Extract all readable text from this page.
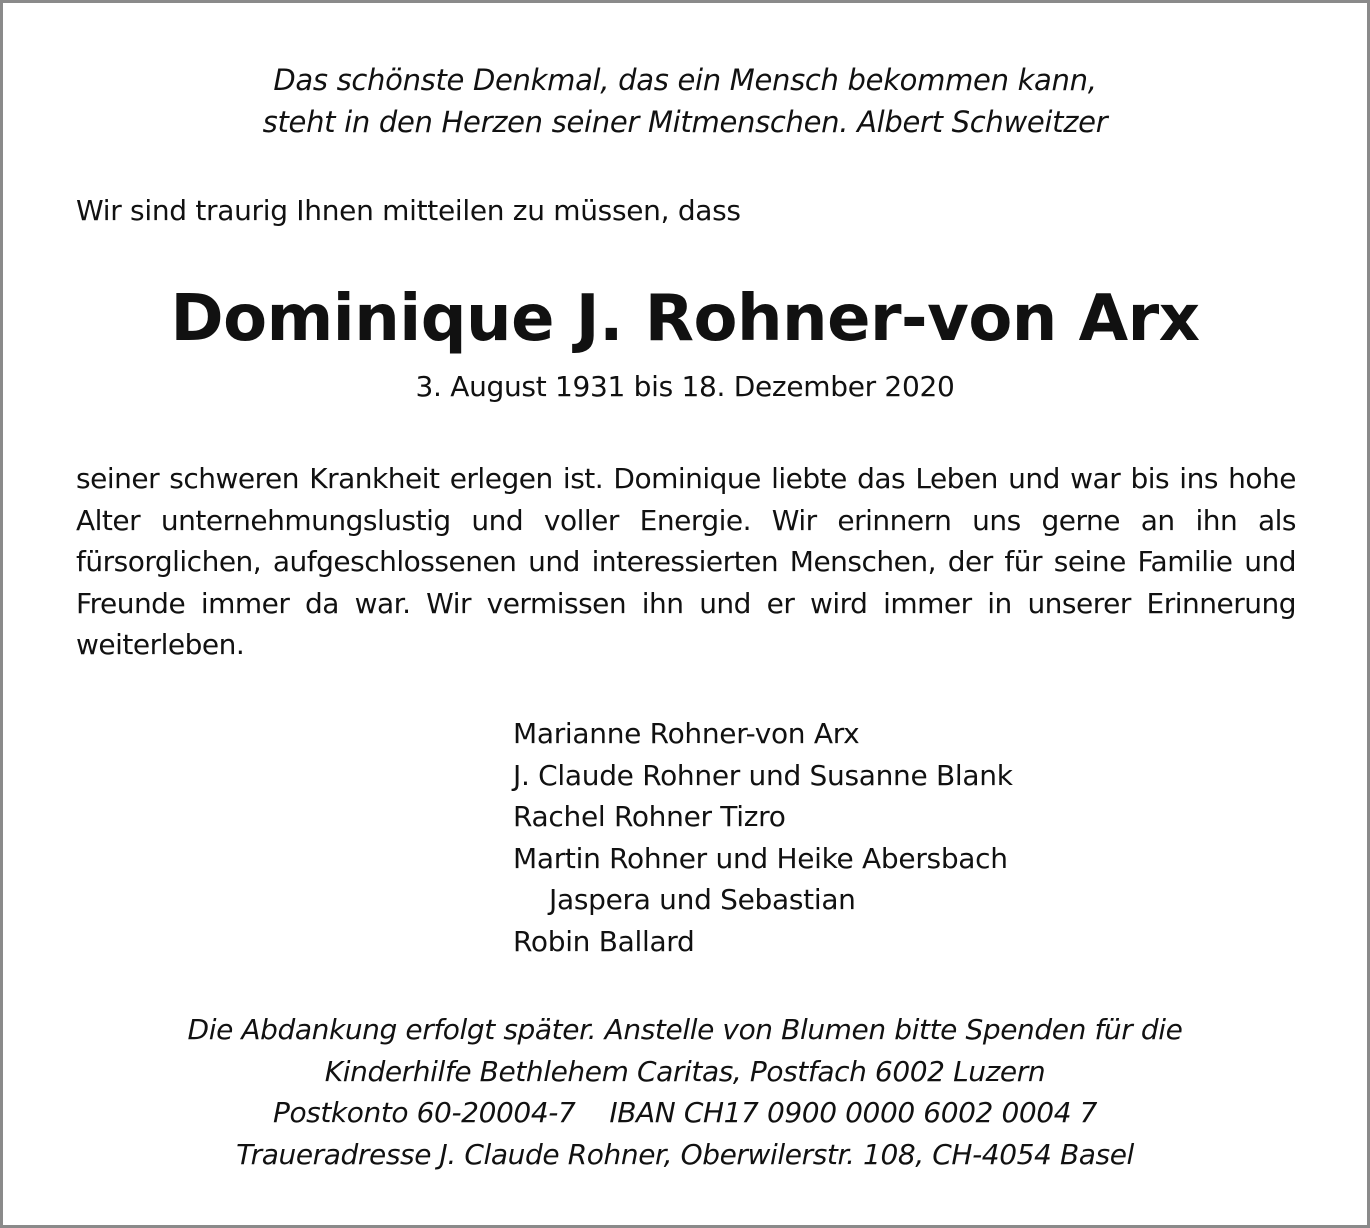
Das schönste Denkmal, das ein Mensch bekommen kann,
steht in den Herzen seiner Mitmenschen. Albert Schweitzer
Wir sind traurig Ihnen mitteilen zu müssen, dass
Dominique J. Rohner-von Arx
3. August 1931 bis 18. Dezember 2020
seiner schweren Krankheit erlegen ist. Dominique liebte das Leben und war bis ins hohe Alter unternehmungslustig und voller Energie. Wir erinnern uns gerne an ihn als fürsorglichen, aufgeschlossenen und interessierten Menschen, der für seine Familie und Freunde immer da war. Wir vermissen ihn und er wird immer in unserer Erinnerung weiterleben.
Marianne Rohner-von Arx
J. Claude Rohner und Susanne Blank
Rachel Rohner Tizro
Martin Rohner und Heike Abersbach
Jaspera und Sebastian
Robin Ballard
Die Abdankung erfolgt später. Anstelle von Blumen bitte Spenden für die
Kinderhilfe Bethlehem Caritas, Postfach 6002 Luzern
Postkonto 60-20004-7 IBAN CH17 0900 0000 6002 0004 7
Traueradresse J. Claude Rohner, Oberwilerstr. 108, CH-4054 Basel
